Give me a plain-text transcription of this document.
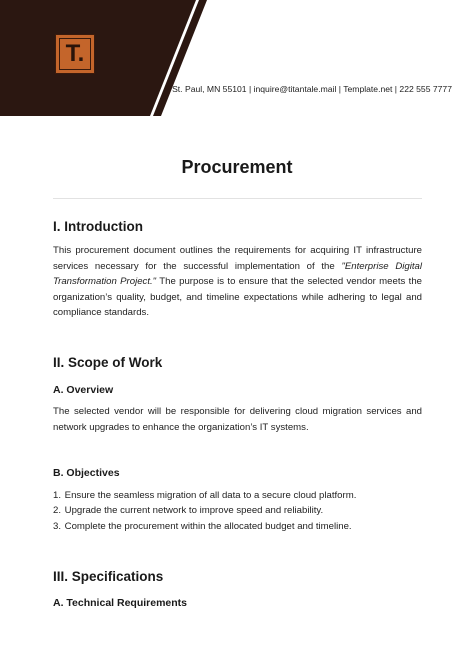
T.
St. Paul, MN 55101 | inquire@titantale.mail | Template.net | 222 555 7777
Procurement
I. Introduction

This procurement document outlines the requirements for acquiring IT infrastructure services necessary for the successful implementation of the "Enterprise Digital Transformation Project." The purpose is to ensure that the selected vendor meets the organization’s quality, budget, and timeline expectations while adhering to legal and compliance standards.

II. Scope of Work
A. Overview

The selected vendor will be responsible for delivering cloud migration services and network upgrades to enhance the organization’s IT systems.

B. Objectives
1. Ensure the seamless migration of all data to a secure cloud platform.
2. Upgrade the current network to improve speed and reliability.
3. Complete the procurement within the allocated budget and timeline.
III. Specifications
A. Technical Requirements
